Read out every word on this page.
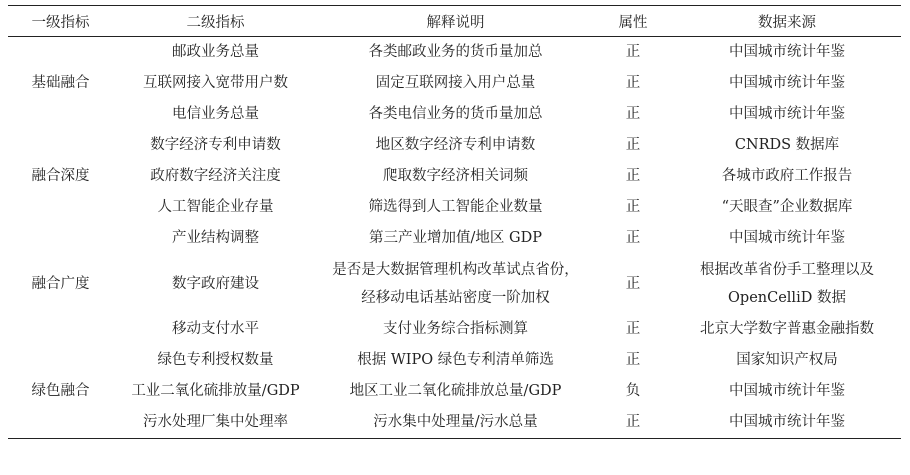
一级指标	二级指标	解释说明	属性	数据来源
基础融合	邮政业务总量	各类邮政业务的货币量加总	正	中国城市统计年鉴

	互联网接入宽带用户数	固定互联网接入用户总量	正	中国城市统计年鉴

	电信业务总量	各类电信业务的货币量加总	正	中国城市统计年鉴

融合深度	数字经济专利申请数	地区数字经济专利申请数	正	CNRDS 数据库

	政府数字经济关注度	爬取数字经济相关词频	正	各城市政府工作报告

	人工智能企业存量	筛选得到人工智能企业数量	正	“天眼查”企业数据库

融合广度	产业结构调整	第三产业增加值/地区 GDP	正	中国城市统计年鉴

	数字政府建设	是否是大数据管理机构改革试点省份，
经移动电话基站密度一阶加权	正	根据改革省份手工整理以及
OpenCelliD 数据

	移动支付水平	支付业务综合指标测算	正	北京大学数字普惠金融指数

绿色融合	绿色专利授权数量	根据 WIPO 绿色专利清单筛选	正	国家知识产权局

	工业二氧化硫排放量/GDP	地区工业二氧化硫排放总量/GDP	负	中国城市统计年鉴

	污水处理厂集中处理率	污水集中处理量/污水总量	正	中国城市统计年鉴
